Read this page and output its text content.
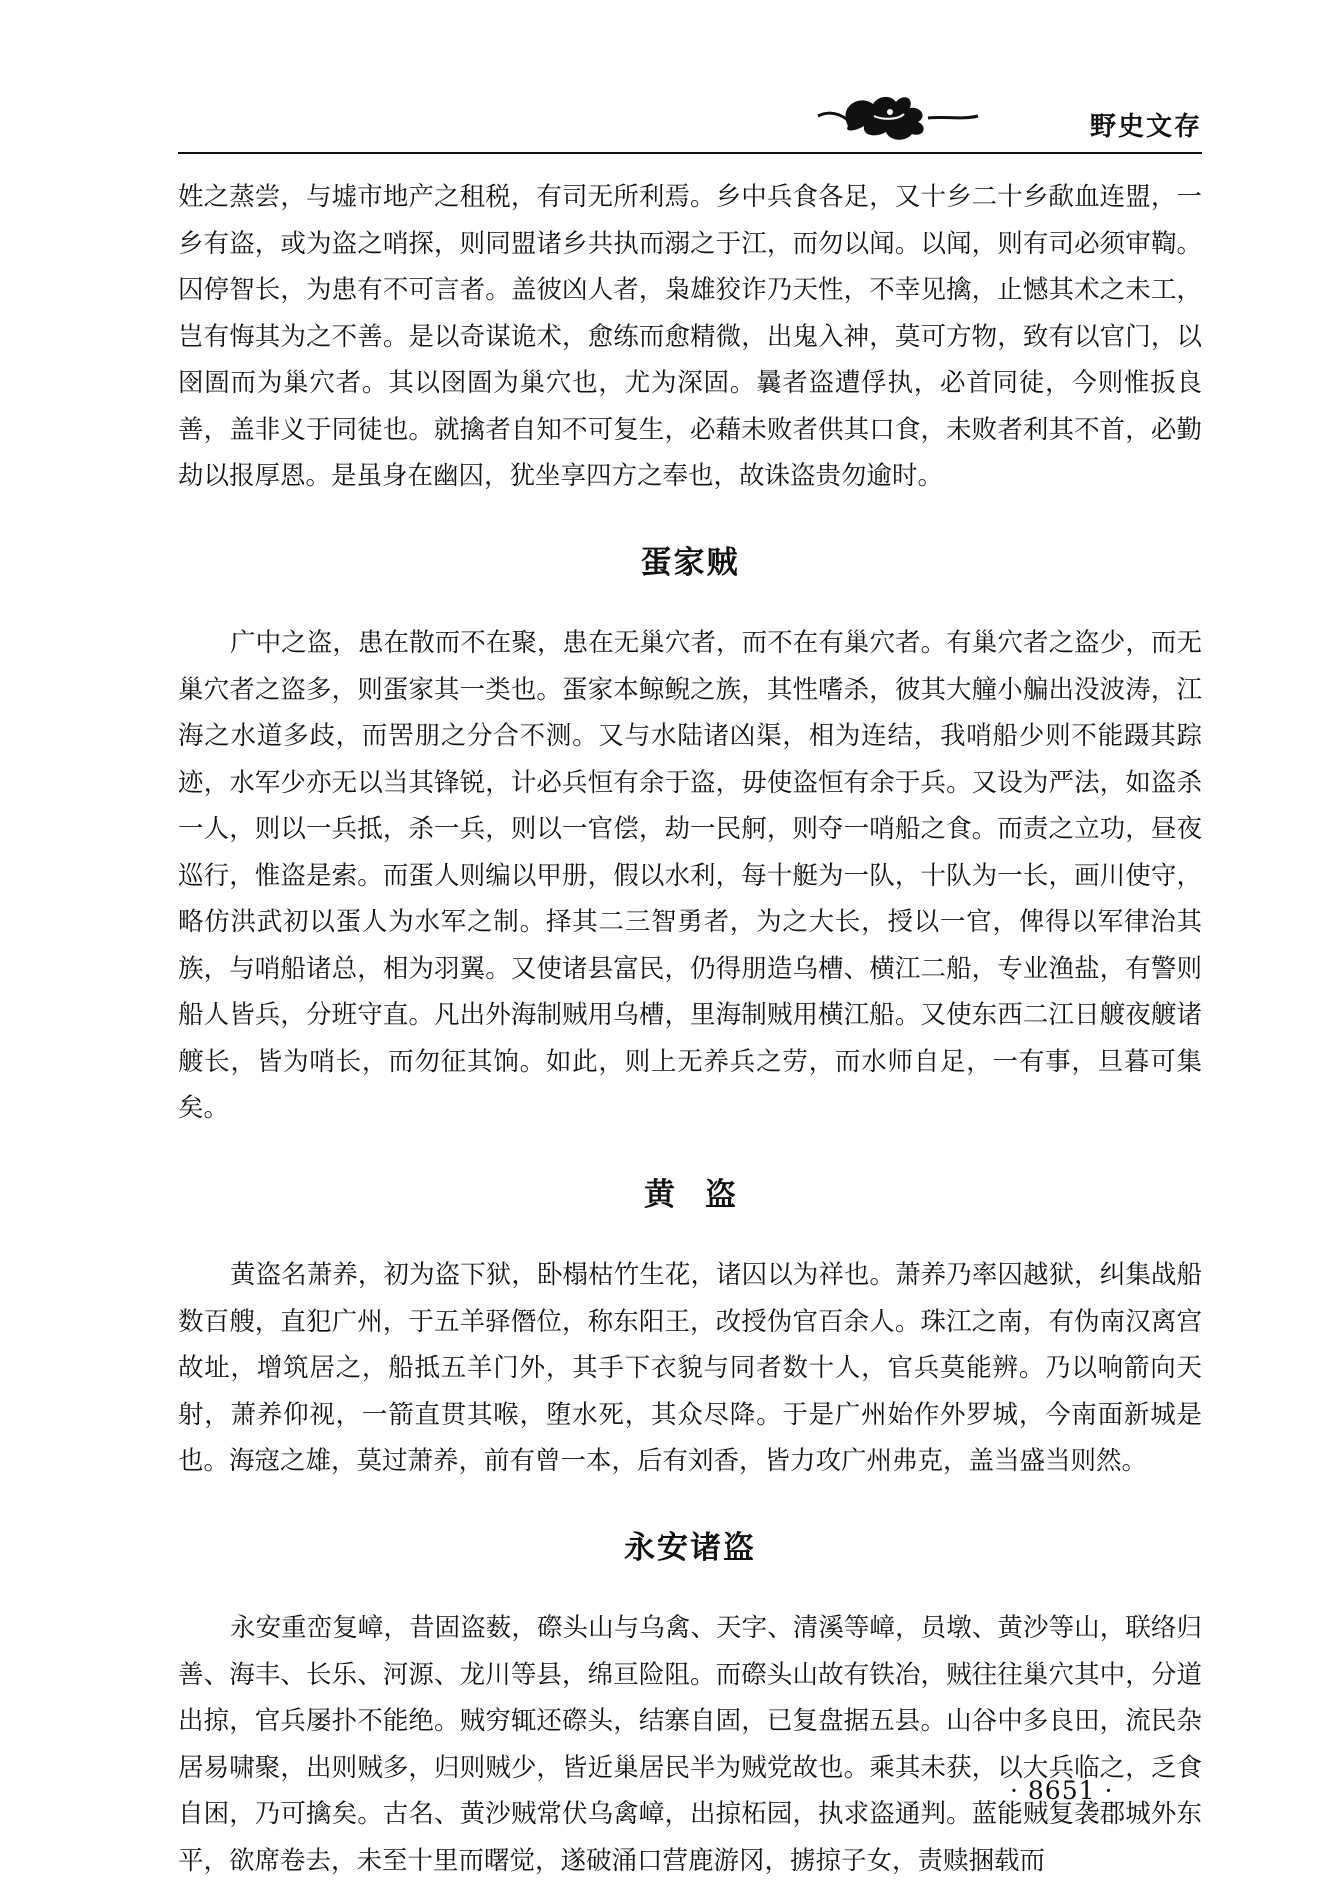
野史文存

姓之蒸尝，与墟市地产之租税，有司无所利焉。乡中兵食各足，又十乡二十乡歃血连盟，一乡有盗，或为盗之哨探，则同盟诸乡共执而溺之于江，而勿以闻。以闻，则有司必须审鞫。囚停智长，为患有不可言者。盖彼凶人者，枭雄狡诈乃天性，不幸见擒，止憾其术之未工，岂有悔其为之不善。是以奇谋诡术，愈练而愈精微，出鬼入神，莫可方物，致有以官门，以囹圄而为巢穴者。其以囹圄为巢穴也，尤为深固。曩者盗遭俘执，必首同徒，今则惟扳良善，盖非义于同徒也。就擒者自知不可复生，必藉未败者供其口食，未败者利其不首，必勤劫以报厚恩。是虽身在幽囚，犹坐享四方之奉也，故诛盗贵勿逾时。

蛋家贼

广中之盗，患在散而不在聚，患在无巢穴者，而不在有巢穴者。有巢穴者之盗少，而无巢穴者之盗多，则蛋家其一类也。蛋家本鲸鲵之族，其性嗜杀，彼其大艟小艑出没波涛，江海之水道多歧，而罟朋之分合不测。又与水陆诸凶渠，相为连结，我哨船少则不能蹑其踪迹，水军少亦无以当其锋锐，计必兵恒有余于盗，毋使盗恒有余于兵。又设为严法，如盗杀一人，则以一兵抵，杀一兵，则以一官偿，劫一民舸，则夺一哨船之食。而责之立功，昼夜巡行，惟盗是索。而蛋人则编以甲册，假以水利，每十艇为一队，十队为一长，画川使守，略仿洪武初以蛋人为水军之制。择其二三智勇者，为之大长，授以一官，俾得以军律治其族，与哨船诸总，相为羽翼。又使诸县富民，仍得朋造乌槽、横江二船，专业渔盐，有警则船人皆兵，分班守直。凡出外海制贼用乌槽，里海制贼用横江船。又使东西二江日艔夜艔诸艔长，皆为哨长，而勿征其饷。如此，则上无养兵之劳，而水师自足，一有事，旦暮可集矣。

黄盗

黄盗名萧养，初为盗下狱，卧榻枯竹生花，诸囚以为祥也。萧养乃率囚越狱，纠集战船数百艘，直犯广州，于五羊驿僭位，称东阳王，改授伪官百余人。珠江之南，有伪南汉离宫故址，增筑居之，船抵五羊门外，其手下衣貌与同者数十人，官兵莫能辨。乃以响箭向天射，萧养仰视，一箭直贯其喉，堕水死，其众尽降。于是广州始作外罗城，今南面新城是也。海寇之雄，莫过萧养，前有曾一本，后有刘香，皆力攻广州弗克，盖当盛当则然。

永安诸盗

永安重峦复嶂，昔固盗薮，磜头山与乌禽、天字、清溪等嶂，员墩、黄沙等山，联络归善、海丰、长乐、河源、龙川等县，绵亘险阻。而磜头山故有铁冶，贼往往巢穴其中，分道出掠，官兵屡扑不能绝。贼穷辄还磜头，结寨自固，已复盘据五县。山谷中多良田，流民杂居易啸聚，出则贼多，归则贼少，皆近巢居民半为贼党故也。乘其未获，以大兵临之，乏食自困，乃可擒矣。古名、黄沙贼常伏乌禽嶂，出掠柘园，执求盗通判。蓝能贼复袭郡城外东平，欲席卷去，未至十里而曙觉，遂破涌口营鹿游冈，掳掠子女，责赎捆载而

· 8651 ·
